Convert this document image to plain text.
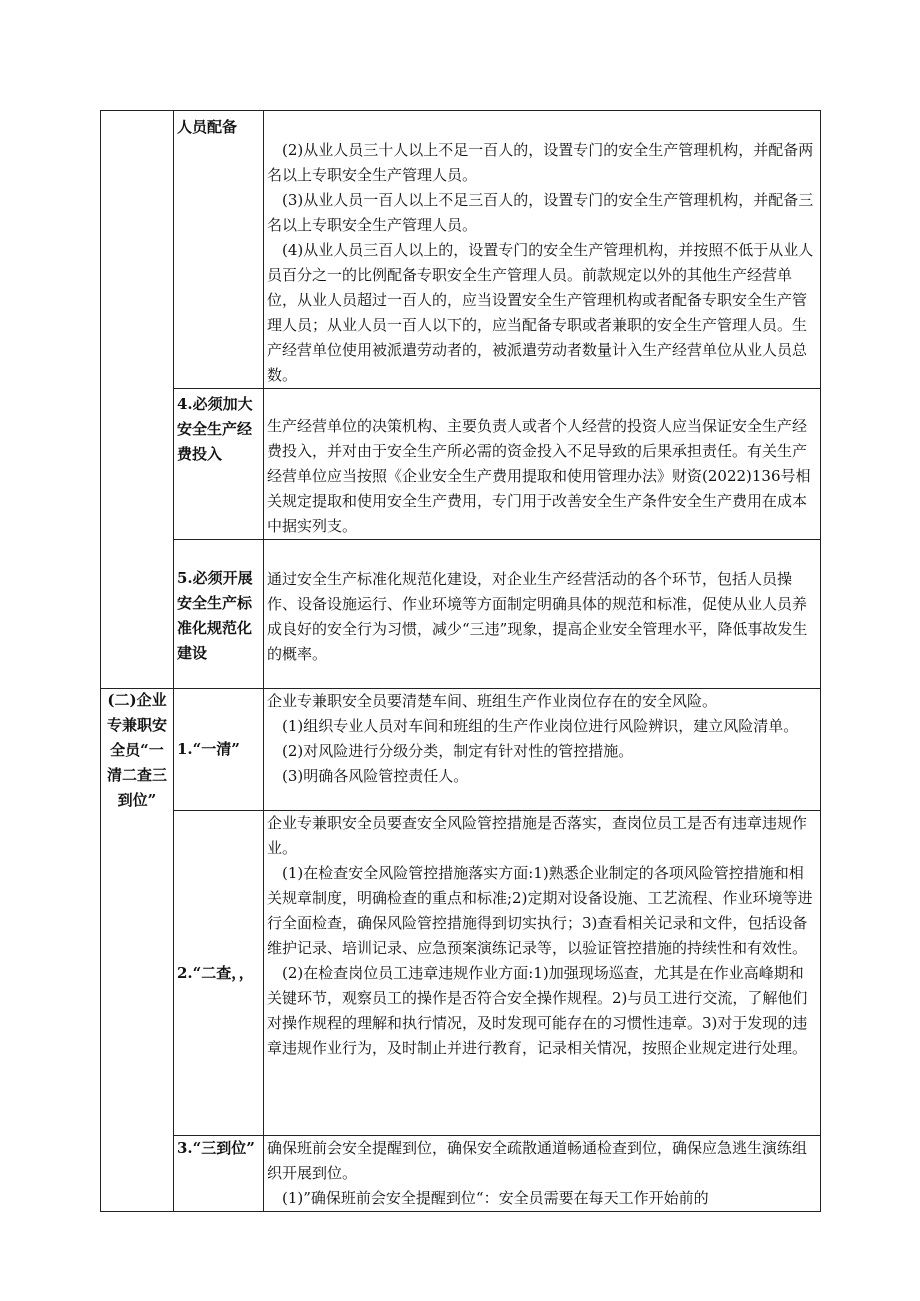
	人员配备	(2)从业人员三十人以上不足一百人的，设置专门的安全生产管理机构，并配备两名以上专职安全生产管理人员。

(3)从业人员一百人以上不足三百人的，设置专门的安全生产管理机构，并配备三名以上专职安全生产管理人员。

(4)从业人员三百人以上的，设置专门的安全生产管理机构，并按照不低于从业人员百分之一的比例配备专职安全生产管理人员。前款规定以外的其他生产经营单位，从业人员超过一百人的，应当设置安全生产管理机构或者配备专职安全生产管理人员；从业人员一百人以下的，应当配备专职或者兼职的安全生产管理人员。生产经营单位使用被派遣劳动者的，被派遣劳动者数量计入生产经营单位从业人员总数。

	4.必须加大安全生产经费投入	生产经营单位的决策机构、主要负责人或者个人经营的投资人应当保证安全生产经费投入，并对由于安全生产所必需的资金投入不足导致的后果承担责任。有关生产经营单位应当按照《企业安全生产费用提取和使用管理办法》财资(2022)136号相关规定提取和使用安全生产费用，专门用于改善安全生产条件安全生产费用在成本中据实列支。

	5.必须开展安全生产标准化规范化建设	通过安全生产标准化规范化建设，对企业生产经营活动的各个环节，包括人员操作、设备设施运行、作业环境等方面制定明确具体的规范和标准，促使从业人员养成良好的安全行为习惯，减少“三违”现象，提高企业安全管理水平，降低事故发生的概率。

(二)企业专兼职安全员“一清二查三到位”	1.“一清”	企业专兼职安全员要清楚车间、班组生产作业岗位存在的安全风险。

(1)组织专业人员对车间和班组的生产作业岗位进行风险辨识，建立风险清单。

(2)对风险进行分级分类，制定有针对性的管控措施。

(3)明确各风险管控责任人。

	2.“二查，，	企业专兼职安全员要查安全风险管控措施是否落实，查岗位员工是否有违章违规作业。

(1)在检查安全风险管控措施落实方面:1)熟悉企业制定的各项风险管控措施和相关规章制度，明确检查的重点和标准;2)定期对设备设施、工艺流程、作业环境等进行全面检查，确保风险管控措施得到切实执行；3)查看相关记录和文件，包括设备维护记录、培训记录、应急预案演练记录等，以验证管控措施的持续性和有效性。

(2)在检查岗位员工违章违规作业方面:1)加强现场巡查，尤其是在作业高峰期和关键环节，观察员工的操作是否符合安全操作规程。2)与员工进行交流，了解他们对操作规程的理解和执行情况，及时发现可能存在的习惯性违章。3)对于发现的违章违规作业行为，及时制止并进行教育，记录相关情况，按照企业规定进行处理。

	3.“三到位”	确保班前会安全提醒到位，确保安全疏散通道畅通检查到位，确保应急逃生演练组织开展到位。

(1)”确保班前会安全提醒到位“：安全员需要在每天工作开始前的
